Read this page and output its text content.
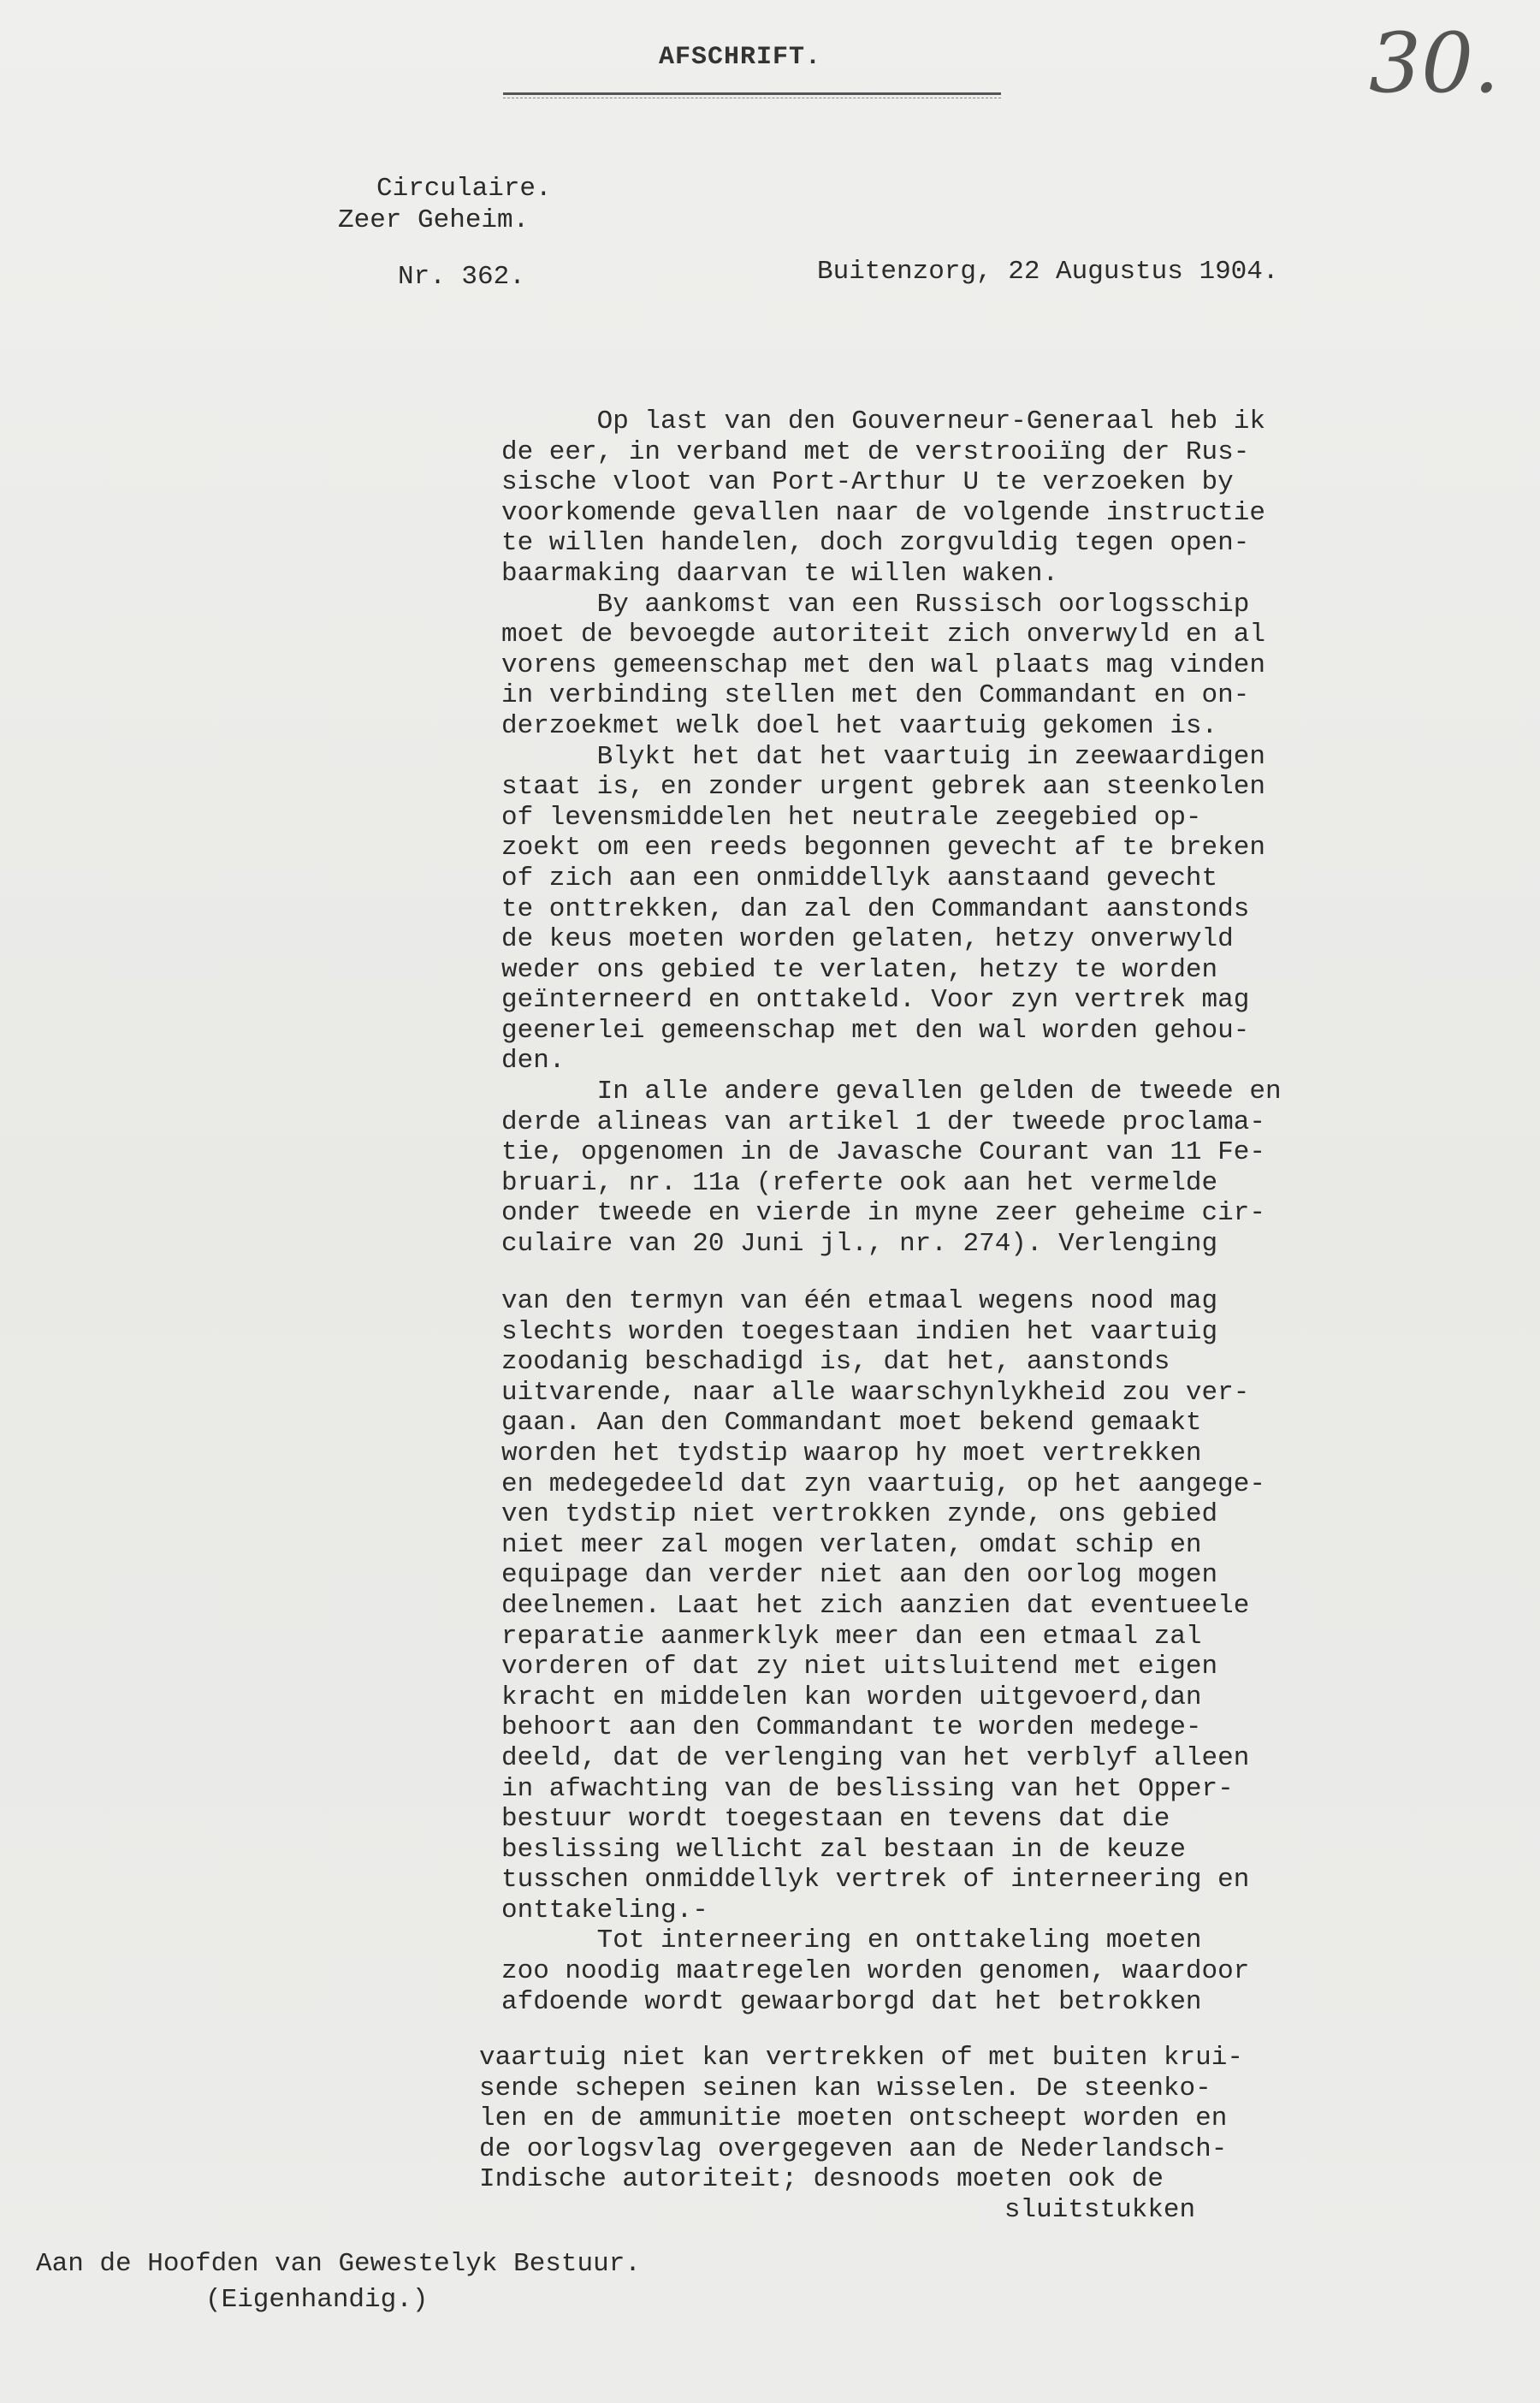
AFSCHRIFT.	30.
Circulaire.
Zeer Geheim.
Nr. 362.	Buitenzorg, 22 Augustus 1904.
Op last van den Gouverneur-Generaal heb ik
de eer, in verband met de verstrooiïng der Rus-
sische vloot van Port-Arthur U te verzoeken by
voorkomende gevallen naar de volgende instructie
te willen handelen, doch zorgvuldig tegen open-
baarmaking daarvan te willen waken.
By aankomst van een Russisch oorlogsschip
moet de bevoegde autoriteit zich onverwyld en al
vorens gemeenschap met den wal plaats mag vinden
in verbinding stellen met den Commandant en on-
derzoekmet welk doel het vaartuig gekomen is.
Blykt het dat het vaartuig in zeewaardigen
staat is, en zonder urgent gebrek aan steenkolen
of levensmiddelen het neutrale zeegebied op-
zoekt om een reeds begonnen gevecht af te breken
of zich aan een onmiddellyk aanstaand gevecht
te onttrekken, dan zal den Commandant aanstonds
de keus moeten worden gelaten, hetzy onverwyld
weder ons gebied te verlaten, hetzy te worden
geïnterneerd en onttakeld. Voor zyn vertrek mag
geenerlei gemeenschap met den wal worden gehou-
den.
In alle andere gevallen gelden de tweede en
derde alineas van artikel 1 der tweede proclama-
tie, opgenomen in de Javasche Courant van 11 Fe-
bruari, nr. 11a (referte ook aan het vermelde
onder tweede en vierde in myne zeer geheime cir-
culaire van 20 Juni jl., nr. 274). Verlenging
van den termyn van één etmaal wegens nood mag
slechts worden toegestaan indien het vaartuig
zoodanig beschadigd is, dat het, aanstonds
uitvarende, naar alle waarschynlykheid zou ver-
gaan. Aan den Commandant moet bekend gemaakt
worden het tydstip waarop hy moet vertrekken
en medegedeeld dat zyn vaartuig, op het aangege-
ven tydstip niet vertrokken zynde, ons gebied
niet meer zal mogen verlaten, omdat schip en
equipage dan verder niet aan den oorlog mogen
deelnemen. Laat het zich aanzien dat eventueele
reparatie aanmerklyk meer dan een etmaal zal
vorderen of dat zy niet uitsluitend met eigen
kracht en middelen kan worden uitgevoerd,dan
behoort aan den Commandant te worden medege-
deeld, dat de verlenging van het verblyf alleen
in afwachting van de beslissing van het Opper-
bestuur wordt toegestaan en tevens dat die
beslissing wellicht zal bestaan in de keuze
tusschen onmiddellyk vertrek of interneering en
onttakeling.-
Tot interneering en onttakeling moeten
zoo noodig maatregelen worden genomen, waardoor
afdoende wordt gewaarborgd dat het betrokken
vaartuig niet kan vertrekken of met buiten krui-
sende schepen seinen kan wisselen. De steenko-
len en de ammunitie moeten ontscheept worden en
de oorlogsvlag overgegeven aan de Nederlandsch-
Indische autoriteit; desnoods moeten ook de
sluitstukken
Aan de Hoofden van Gewestelyk Bestuur.
(Eigenhandig.)
